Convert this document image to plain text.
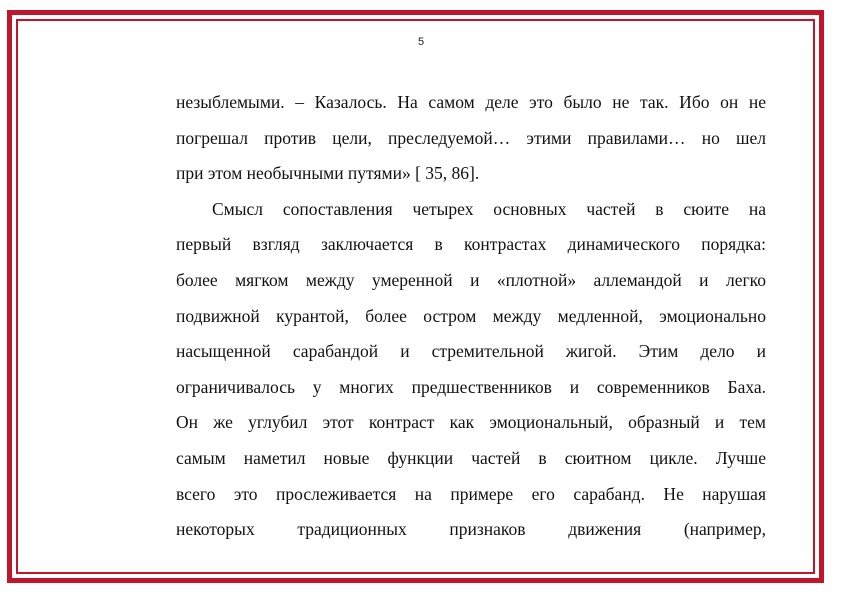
5
незыблемыми. – Казалось. На самом деле это было не так. Ибо он не
погрешал против цели, преследуемой… этими правилами… но шел
при этом необычными путями» [ 35, 86].
Смысл сопоставления четырех основных частей в сюите на
первый взгляд заключается в контрастах динамического порядка:
более мягком между умеренной и «плотной» аллемандой и легко
подвижной курантой, более остром между медленной, эмоционально
насыщенной сарабандой и стремительной жигой. Этим дело и
ограничивалось у многих предшественников и современников Баха.
Он же углубил этот контраст как эмоциональный, образный и тем
самым наметил новые функции частей в сюитном цикле. Лучше
всего это прослеживается на примере его сарабанд. Не нарушая
некоторых традиционных признаков движения (например,
